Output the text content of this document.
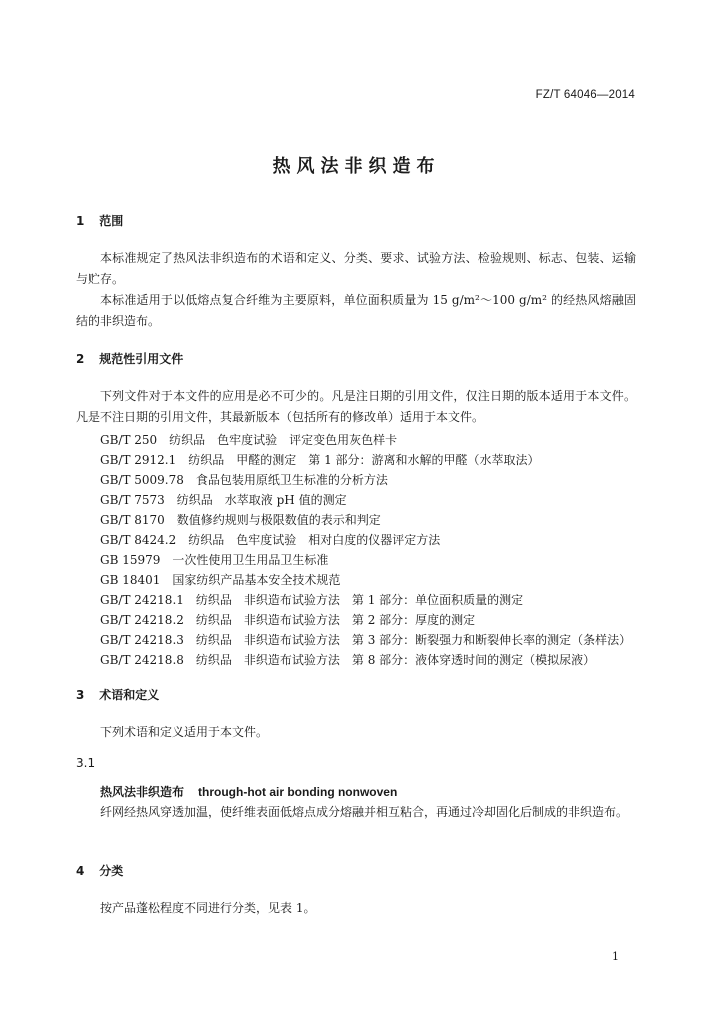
FZ/T 64046—2014
热风法非织造布
1 范围
本标准规定了热风法非织造布的术语和定义、分类、要求、试验方法、检验规则、标志、包装、运输与贮存。
本标准适用于以低熔点复合纤维为主要原料，单位面积质量为 15 g/m²～100 g/m² 的经热风熔融固结的非织造布。
2 规范性引用文件
下列文件对于本文件的应用是必不可少的。凡是注日期的引用文件，仅注日期的版本适用于本文件。凡是不注日期的引用文件，其最新版本（包括所有的修改单）适用于本文件。
GB/T 250　纺织品　色牢度试验　评定变色用灰色样卡
GB/T 2912.1　纺织品　甲醛的测定　第 1 部分：游离和水解的甲醛（水萃取法）
GB/T 5009.78　食品包装用原纸卫生标准的分析方法
GB/T 7573　纺织品　水萃取液 pH 值的测定
GB/T 8170　数值修约规则与极限数值的表示和判定
GB/T 8424.2　纺织品　色牢度试验　相对白度的仪器评定方法
GB 15979　一次性使用卫生用品卫生标准
GB 18401　国家纺织产品基本安全技术规范
GB/T 24218.1　纺织品　非织造布试验方法　第 1 部分：单位面积质量的测定
GB/T 24218.2　纺织品　非织造布试验方法　第 2 部分：厚度的测定
GB/T 24218.3　纺织品　非织造布试验方法　第 3 部分：断裂强力和断裂伸长率的测定（条样法）
GB/T 24218.8　纺织品　非织造布试验方法　第 8 部分：液体穿透时间的测定（模拟尿液）
3 术语和定义
下列术语和定义适用于本文件。
3.1
热风法非织造布 through-hot air bonding nonwoven
纤网经热风穿透加温，使纤维表面低熔点成分熔融并相互粘合，再通过冷却固化后制成的非织造布。
4 分类
按产品蓬松程度不同进行分类，见表 1。
1
